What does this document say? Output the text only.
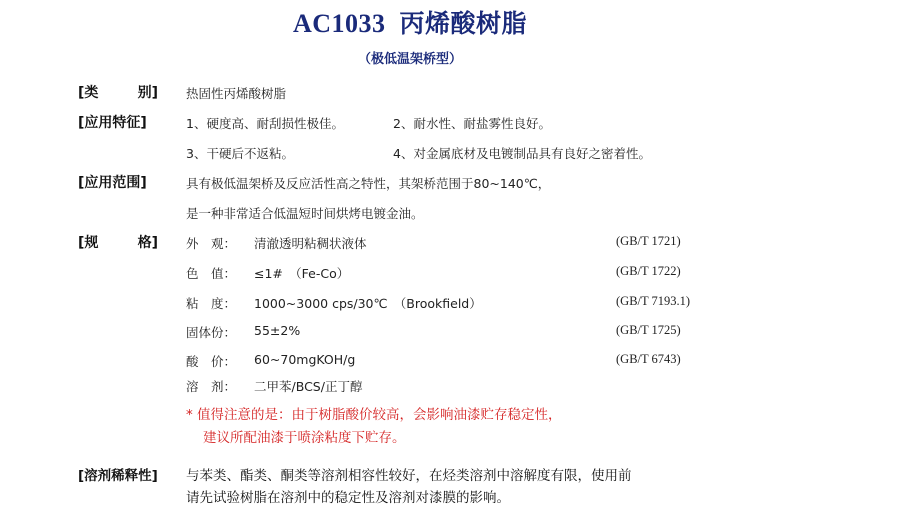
AC1033 丙烯酸树脂
（极低温架桥型）
[类	别] 热固性丙烯酸树脂
[应用特征]	1、硬度高、耐刮损性极佳。	2、耐水性、耐盐雾性良好。
3、干硬后不返粘。	4、对金属底材及电镀制品具有良好之密着性。
[应用范围]	具有极低温架桥及反应活性高之特性，其架桥范围于80~140℃，
是一种非常适合低温短时间烘烤电镀金油。
[规	格] 外　观： 清澈透明粘稠状液体	(GB/T 1721)
色　值： ≤1#　（Fe-Co）	(GB/T 1722)
粘　度： 1000~3000 cps/30℃　（Brookfield）	(GB/T 7193.1)
固体份： 55±2%	(GB/T 1725)
酸　价： 60~70mgKOH/g	(GB/T 6743)
溶　剂： 二甲苯/BCS/正丁醇
* 值得注意的是：由于树脂酸价较高，会影响油漆贮存稳定性，
建议所配油漆于喷涂粘度下贮存。
[溶剂稀释性] 与苯类、酯类、酮类等溶剂相容性较好，在烃类溶剂中溶解度有限，使用前
请先试验树脂在溶剂中的稳定性及溶剂对漆膜的影响。
